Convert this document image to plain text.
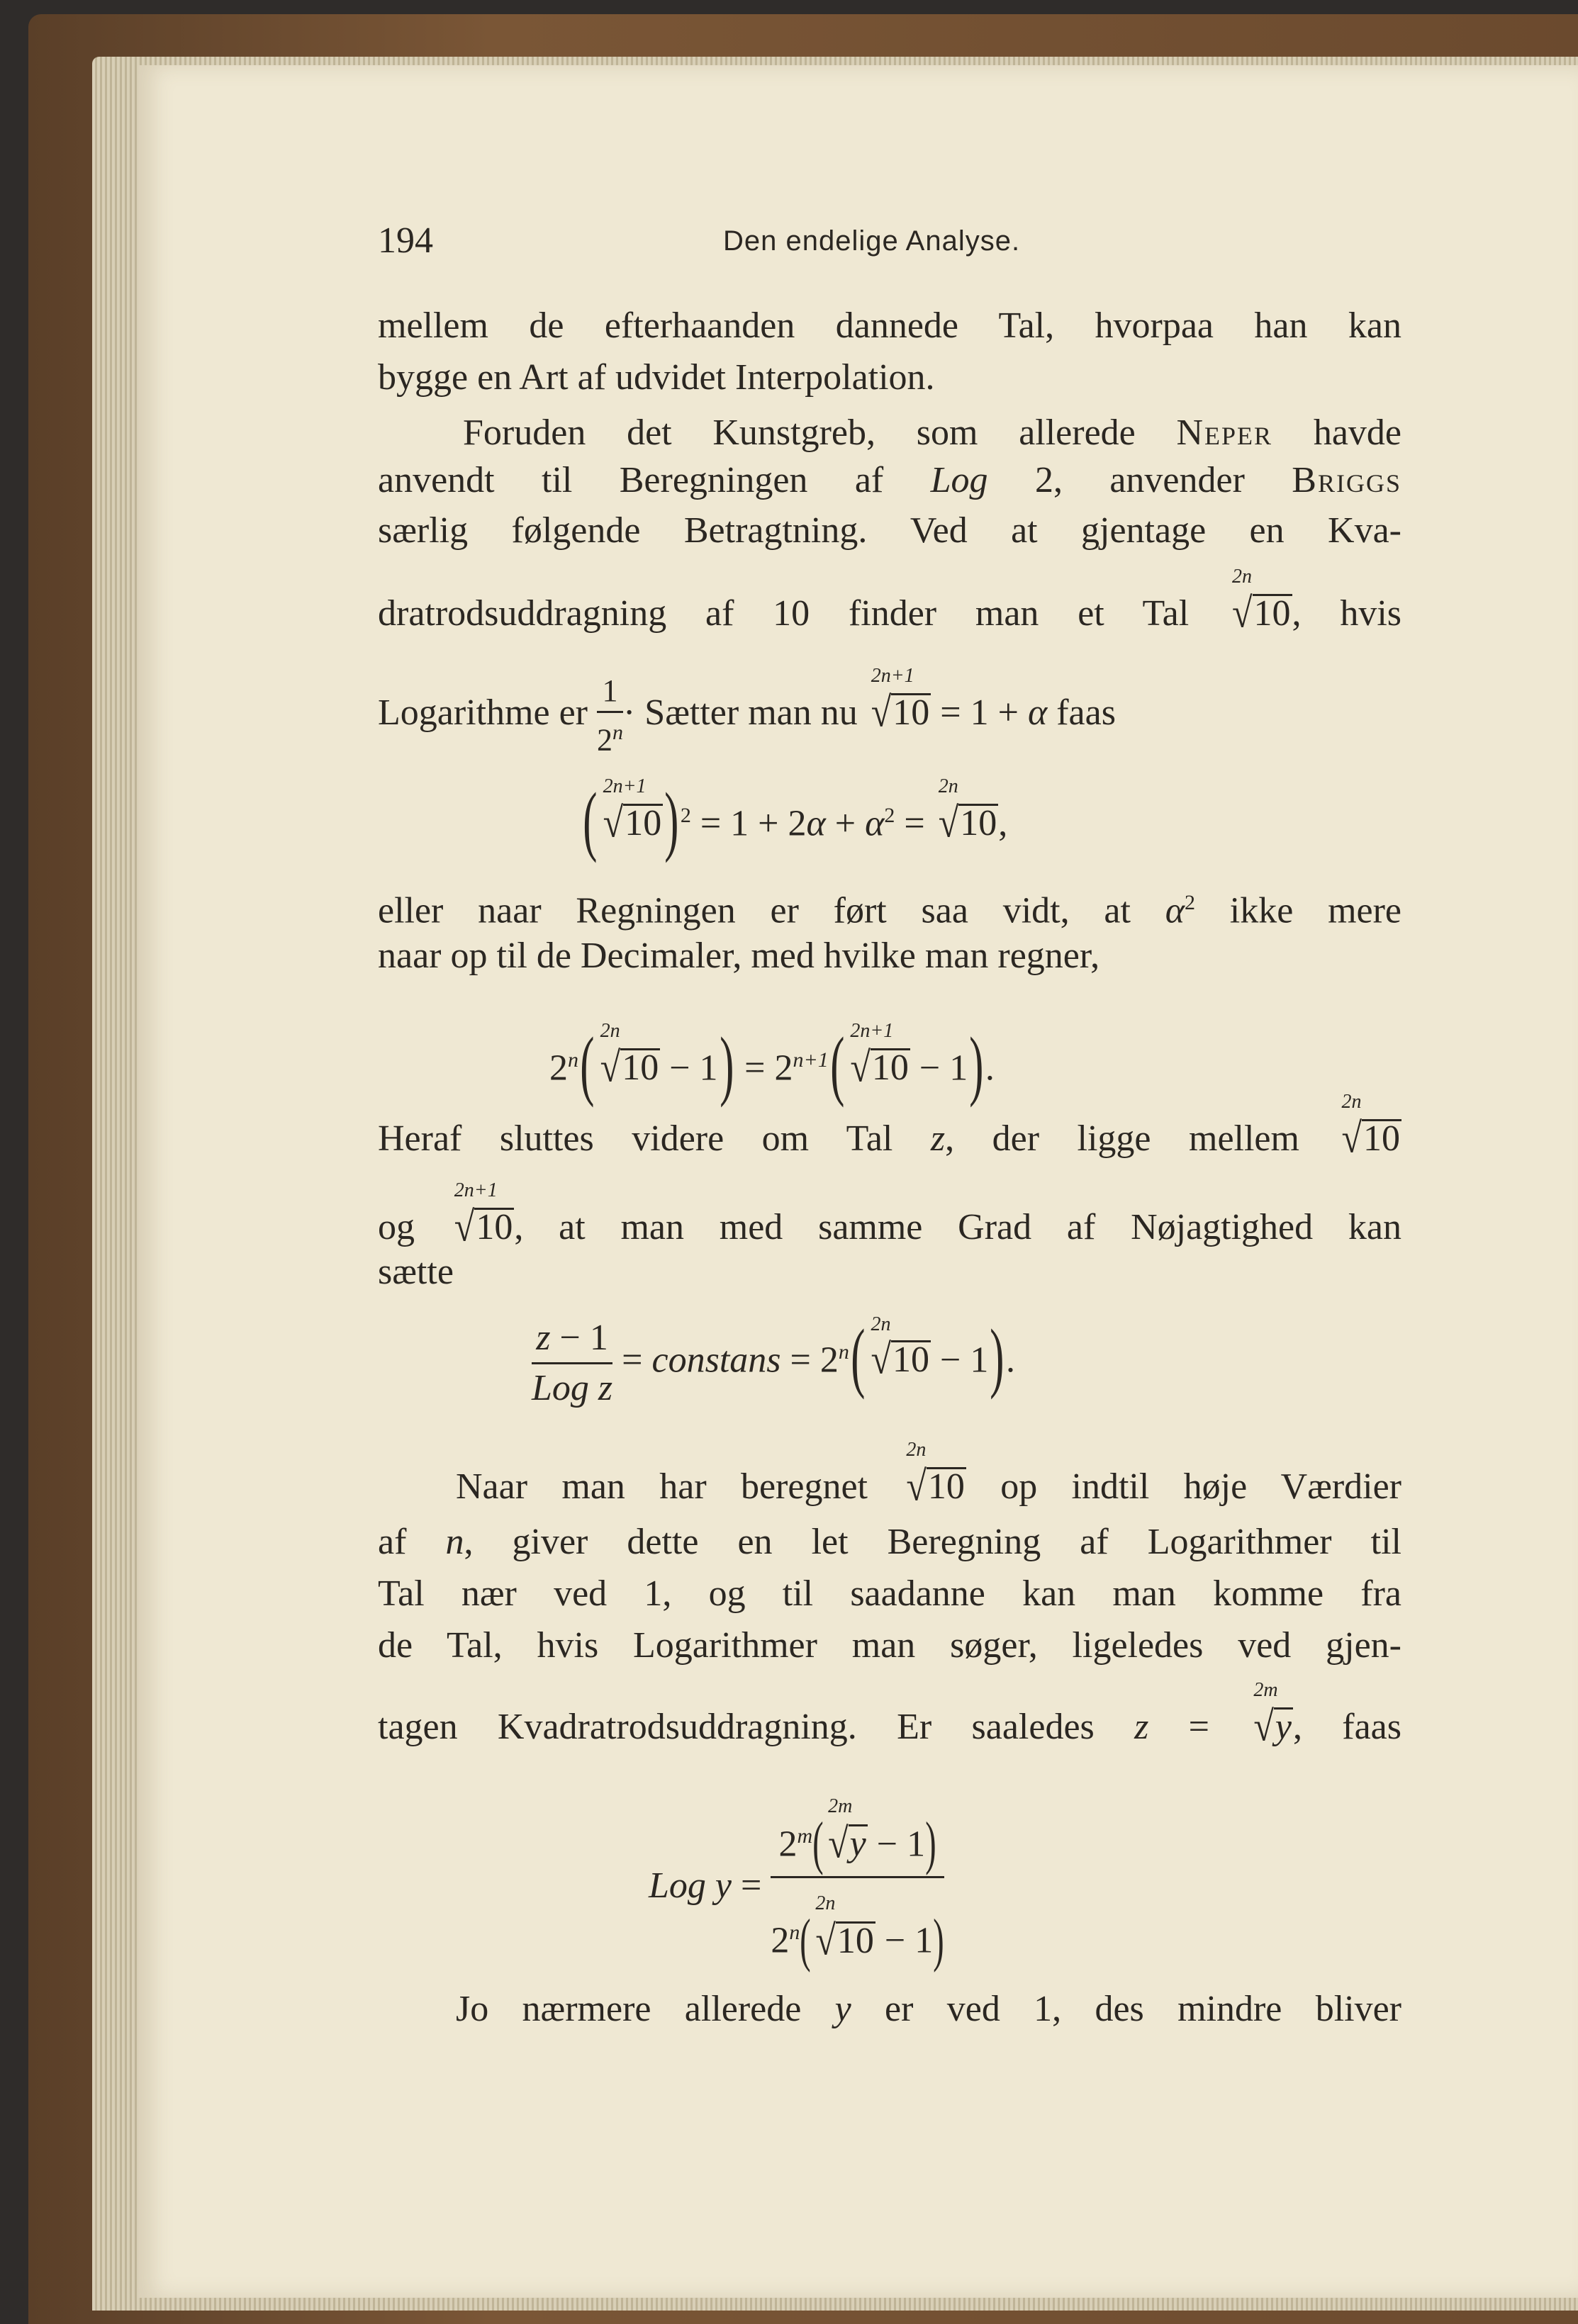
194	Den endelige Analyse.
mellem de efterhaanden dannede Tal, hvorpaa han kan
bygge en Art af udvidet Interpolation.
Foruden det Kunstgreb, som allerede Neper havde
anvendt til Beregningen af Log 2, anvender Briggs
særlig følgende Betragtning. Ved at gjentage en Kva-
dratrodsuddragning af 10 finder man et Tal
2n
√10, hvis
Logarithme er $\frac{1}{2^n}$ · Sætter man nu
2n+1
√10 = 1 + α faas
( 2n+1
$√10)^2 = 1 + 2\alpha + \alpha^2$ =
2n
√10,
eller naar Regningen er ført saa vidt, at $\alpha^2$ ikke mere
naar op til de Decimaler, med hvilke man regner,
2$^n$( 2n
$√10 - 1) = 2^{n+1}$( 2n+1
√10 − 1).
Heraf sluttes videre om Tal z, der ligge mellem
2n
√10
og
2n+1
√10, at man med samme Grad af Nøjagtighed kan
sætte
$\frac{z - 1}{\text{Log z}}$ = constans = $2^n$( 2n
√10 − 1).
Naar man har beregnet
2n
√10 op indtil høje Værdier
af n, giver dette en let Beregning af Logarithmer til
Tal nær ved 1, og til saadanne kan man komme fra
de Tal, hvis Logarithmer man søger, ligeledes ved gjen-
tagen Kvadratrodsuddragning. Er saaledes z =
2m
√y, faas
Log $y = 2^m$(
2m
√y − 1)
2$^n$(
2n
√10 − 1)
Jo nærmere allerede y er ved 1, des mindre bliver
